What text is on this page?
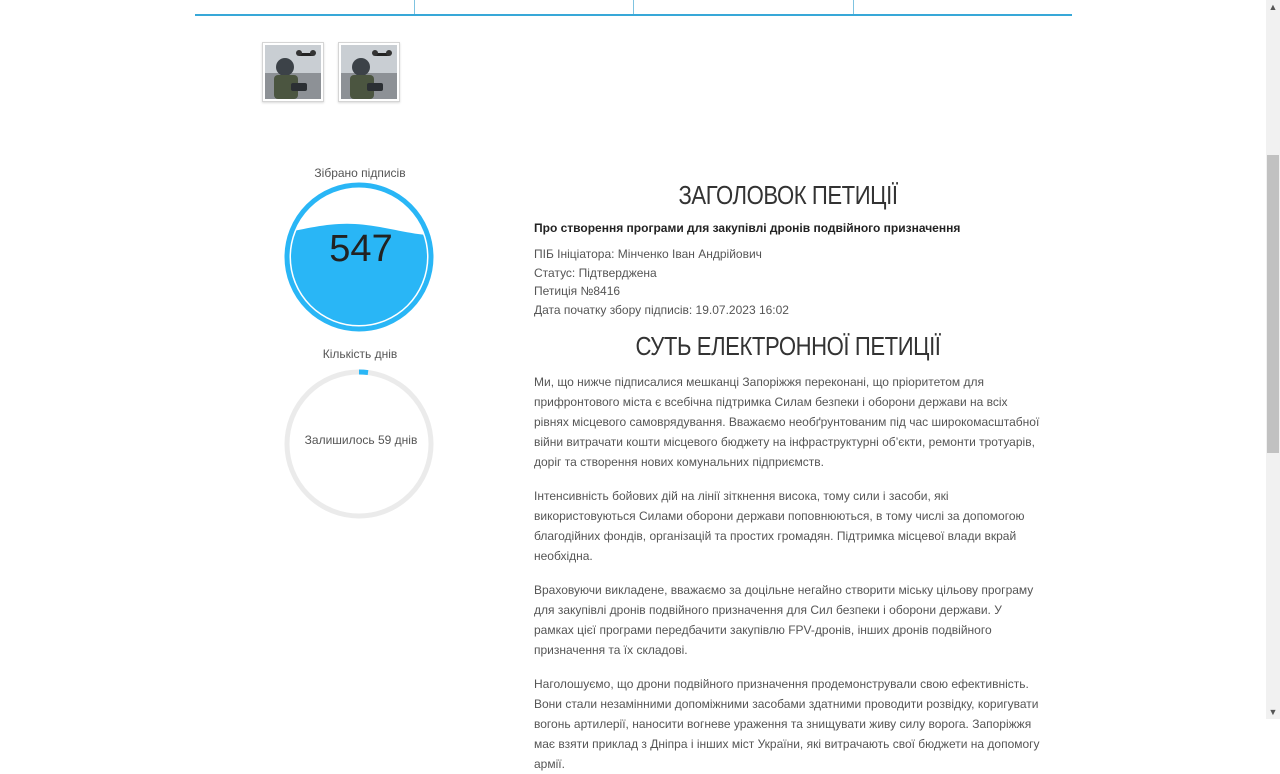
Зібрано підписів
547
Кількість днів
Залишилось 59 днів
ЗАГОЛОВОК ПЕТИЦІЇ

Про створення програми для закупівлі дронів подвійного призначення

ПІБ Ініціатора: Мінченко Іван Андрійович
Статус: Підтверджена
Петиція №8416
Дата початку збору підписів: 19.07.2023 16:02
СУТЬ ЕЛЕКТРОННОЇ ПЕТИЦІЇ

Ми, що нижче підписалися мешканці Запоріжжя переконані, що пріоритетом для прифронтового міста є всебічна підтримка Силам безпеки і оборони держави на всіх рівнях місцевого самоврядування. Вважаємо необґрунтованим під час широкомасштабної війни витрачати кошти місцевого бюджету на інфраструктурні об’єкти, ремонти тротуарів, доріг та створення нових комунальних підприємств.

Інтенсивність бойових дій на лінії зіткнення висока, тому сили і засоби, які використовуються Силами оборони держави поповнюються, в тому числі за допомогою благодійних фондів, організацій та простих громадян. Підтримка місцевої влади вкрай необхідна.

Враховуючи викладене, вважаємо за доцільне негайно створити міську цільову програму для закупівлі дронів подвійного призначення для Сил безпеки і оборони держави. У рамках цієї програми передбачити закупівлю FPV-дронів, інших дронів подвійного призначення та їх складові.

Наголошуємо, що дрони подвійного призначення продемонстрували свою ефективність. Вони стали незамінними допоміжними засобами здатними проводити розвідку, коригувати вогонь артилерії, наносити вогневе ураження та знищувати живу силу ворога. Запоріжжя має взяти приклад з Дніпра і інших міст України, які витрачають свої бюджети на допомогу армії.

▲
▼
